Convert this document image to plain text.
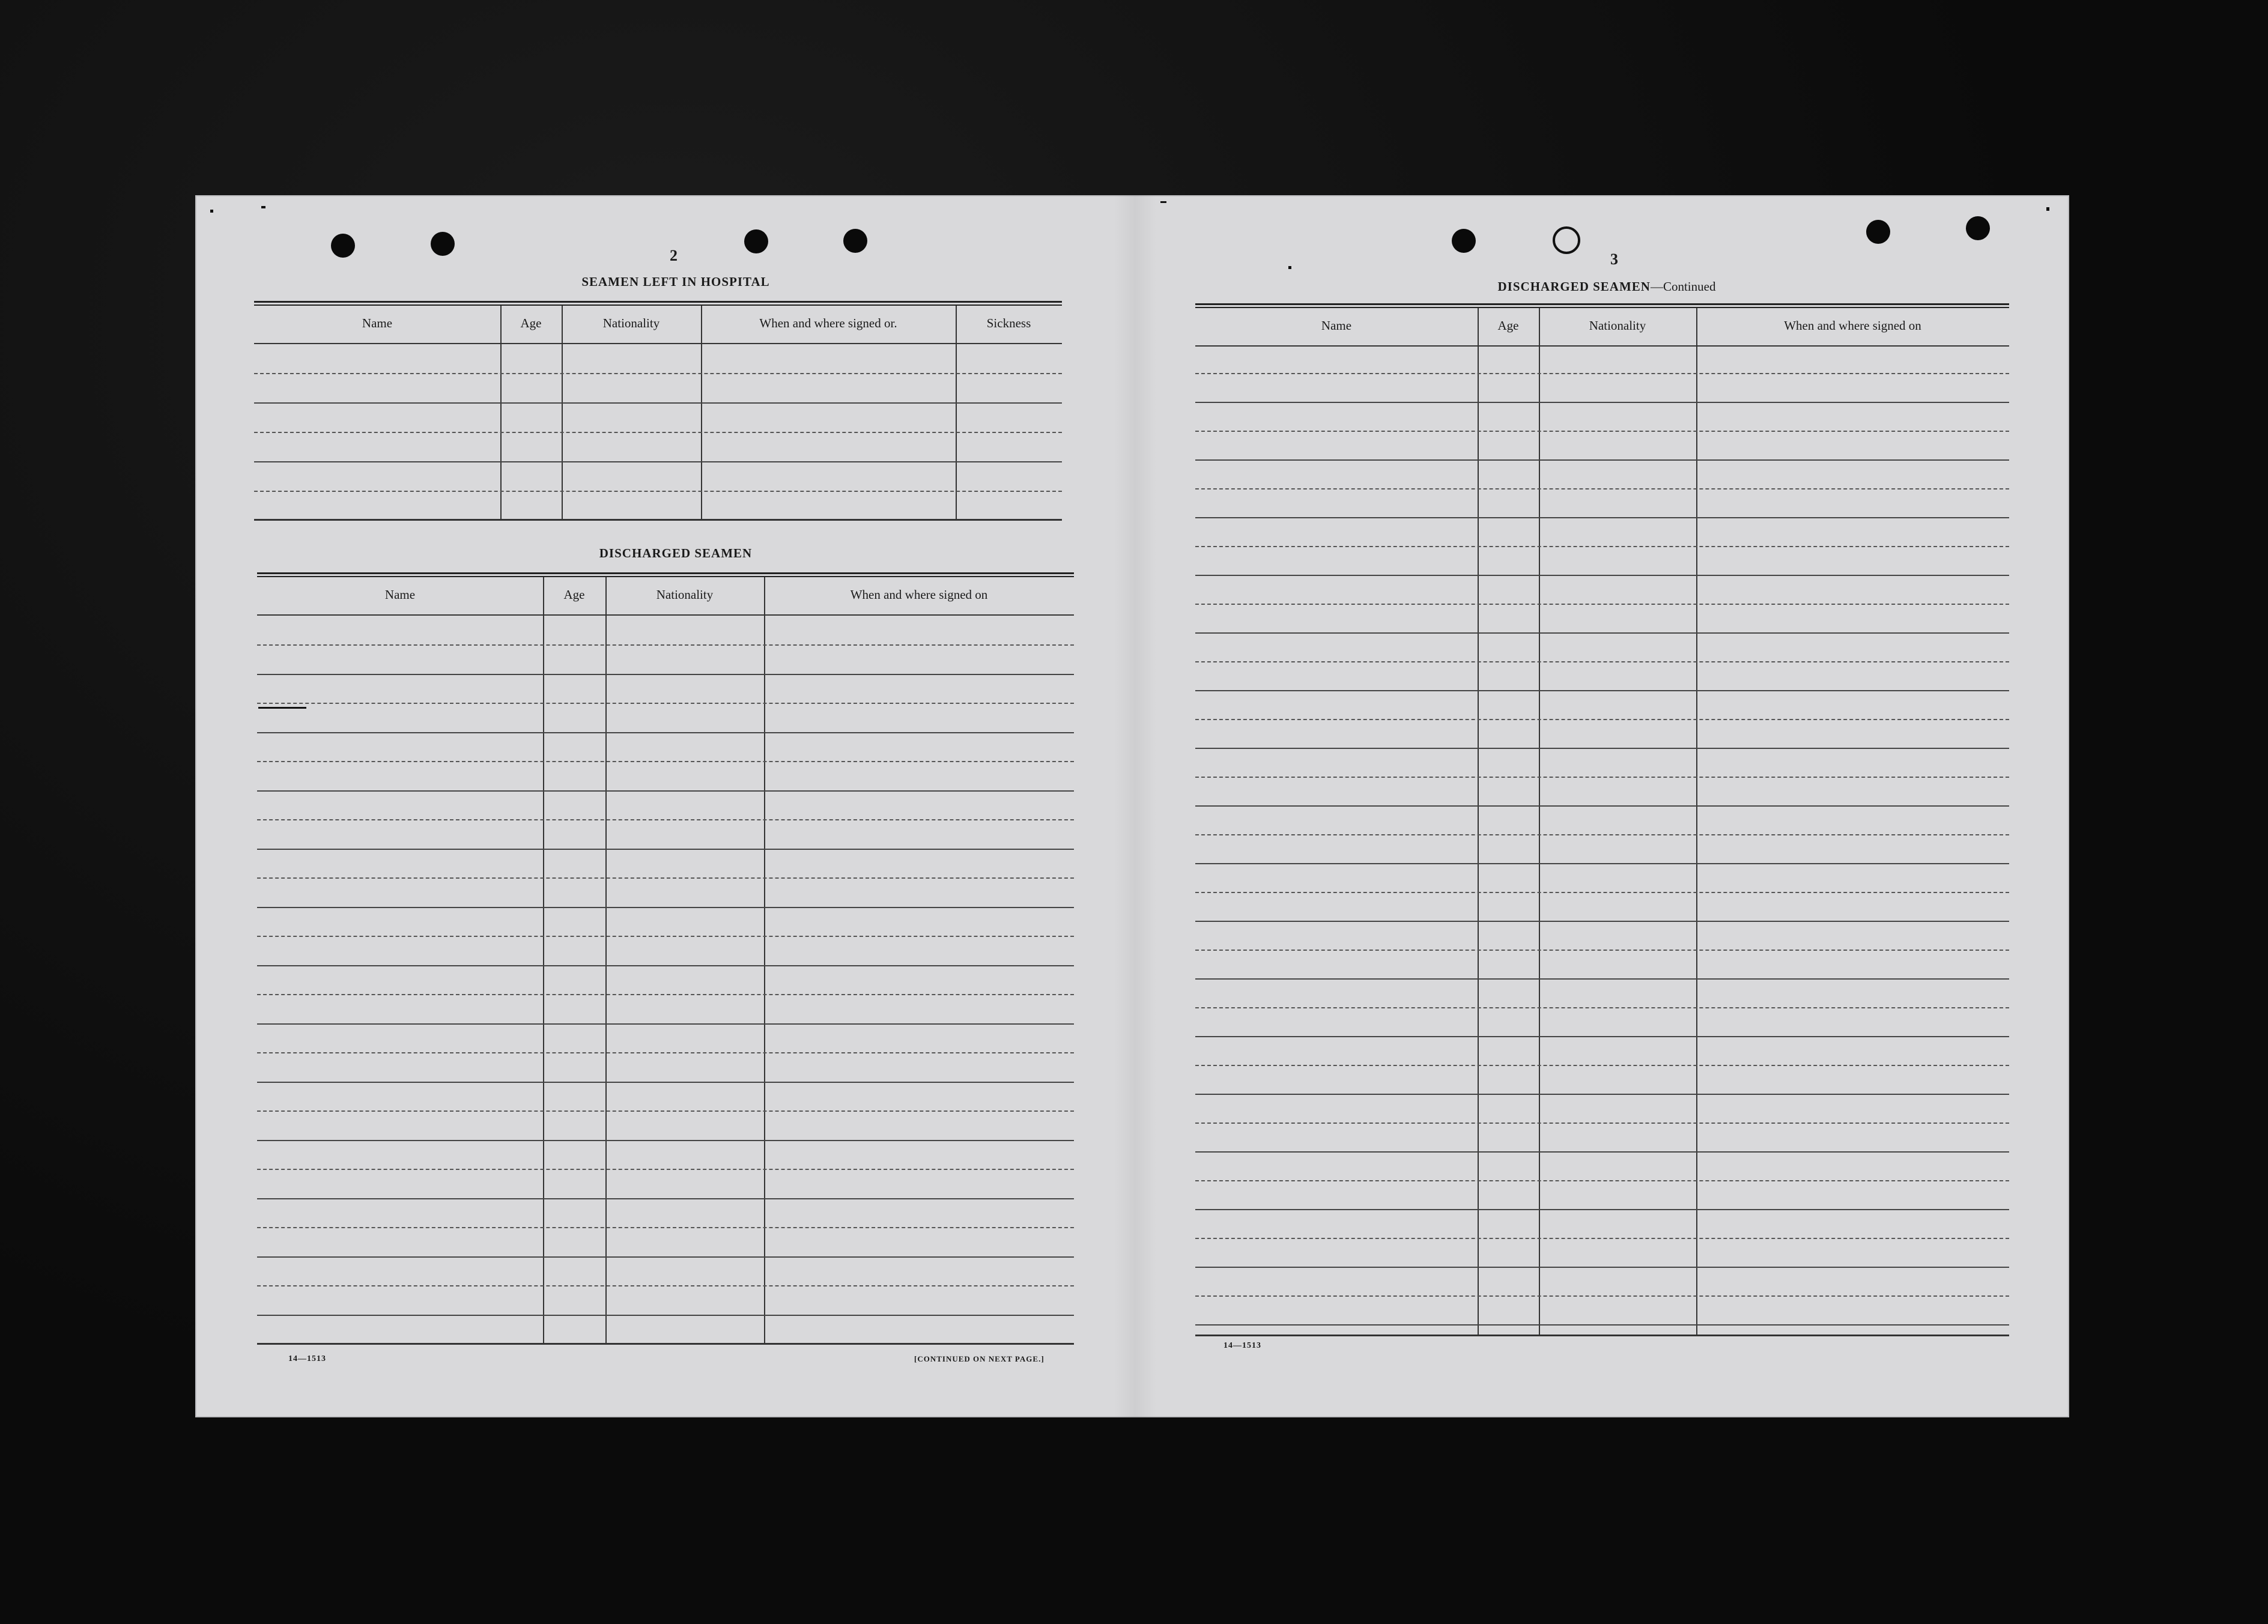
2
SEAMEN LEFT IN HOSPITAL
Name	Age	Nationality	When and where signed or.	Sickness
DISCHARGED SEAMEN
Name	Age	Nationality	When and where signed on
14—1513	[CONTINUED ON NEXT PAGE.]
3
DISCHARGED SEAMEN—Continued
Name	Age	Nationality	When and where signed on
14—1513
